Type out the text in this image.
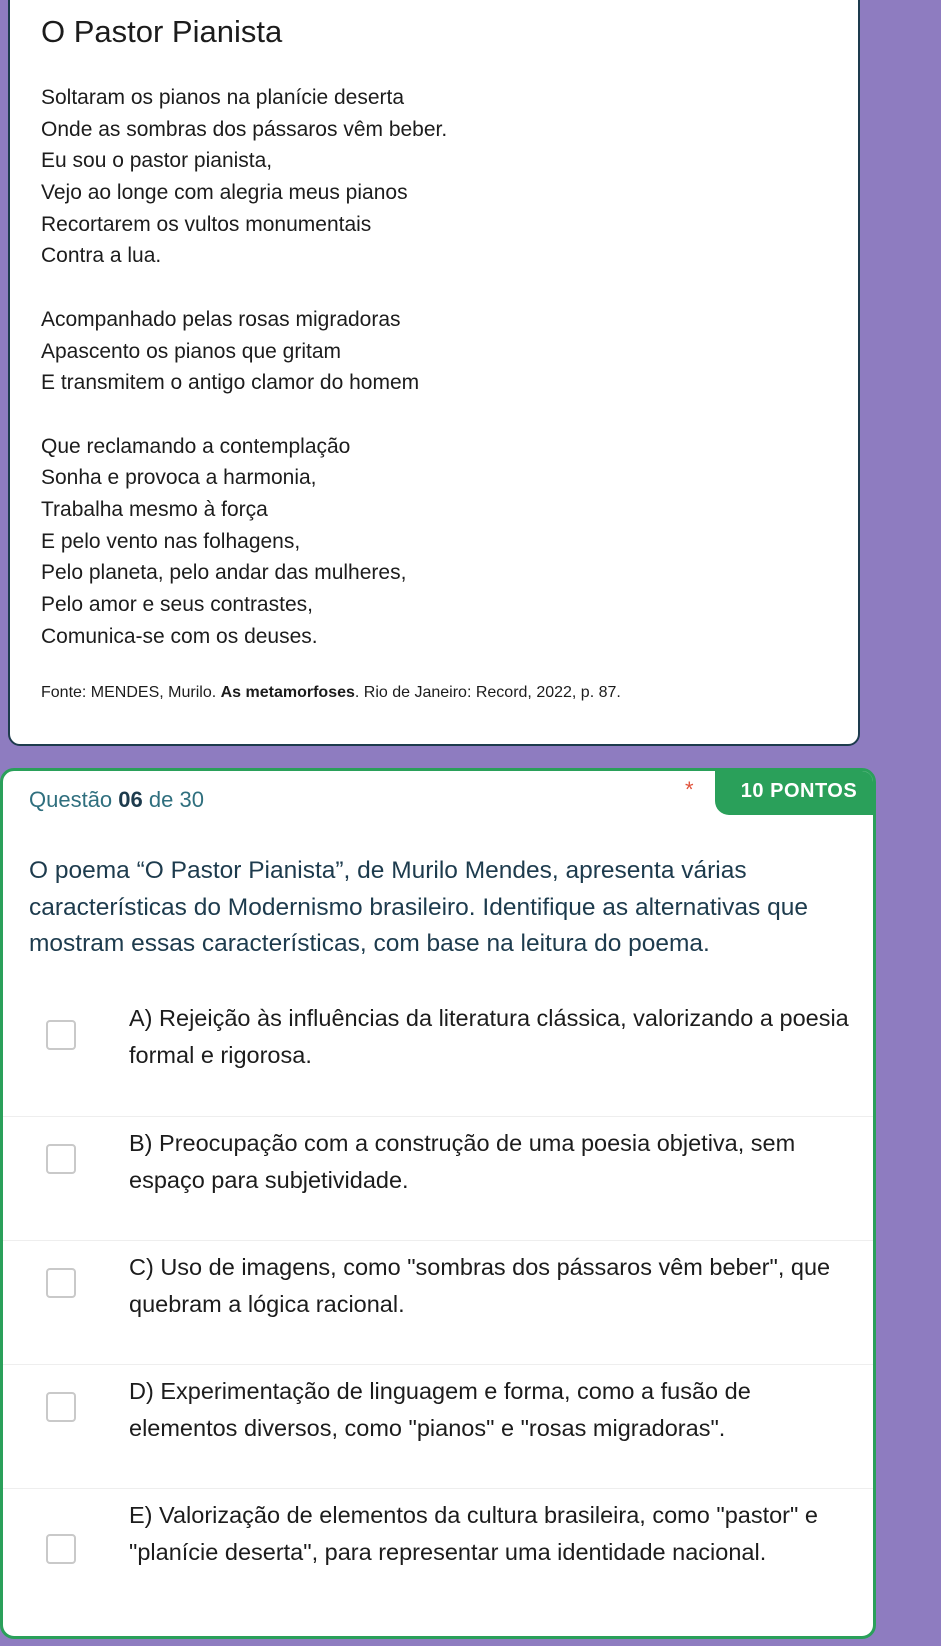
O Pastor Pianista
Soltaram os pianos na planície deserta
Onde as sombras dos pássaros vêm beber.
Eu sou o pastor pianista,
Vejo ao longe com alegria meus pianos
Recortarem os vultos monumentais
Contra a lua.
Acompanhado pelas rosas migradoras
Apascento os pianos que gritam
E transmitem o antigo clamor do homem
Que reclamando a contemplação
Sonha e provoca a harmonia,
Trabalha mesmo à força
E pelo vento nas folhagens,
Pelo planeta, pelo andar das mulheres,
Pelo amor e seus contrastes,
Comunica-se com os deuses.
Fonte: MENDES, Murilo. As metamorfoses. Rio de Janeiro: Record, 2022, p. 87.
Questão 06 de 30	*	10 PONTOS
O poema “O Pastor Pianista”, de Murilo Mendes, apresenta várias características do Modernismo brasileiro. Identifique as alternativas que mostram essas características, com base na leitura do poema.
A) Rejeição às influências da literatura clássica, valorizando a poesia formal e rigorosa.
B) Preocupação com a construção de uma poesia objetiva, sem espaço para subjetividade.
C) Uso de imagens, como "sombras dos pássaros vêm beber", que quebram a lógica racional.
D) Experimentação de linguagem e forma, como a fusão de elementos diversos, como "pianos" e "rosas migradoras".
E) Valorização de elementos da cultura brasileira, como "pastor" e "planície deserta", para representar uma identidade nacional.
